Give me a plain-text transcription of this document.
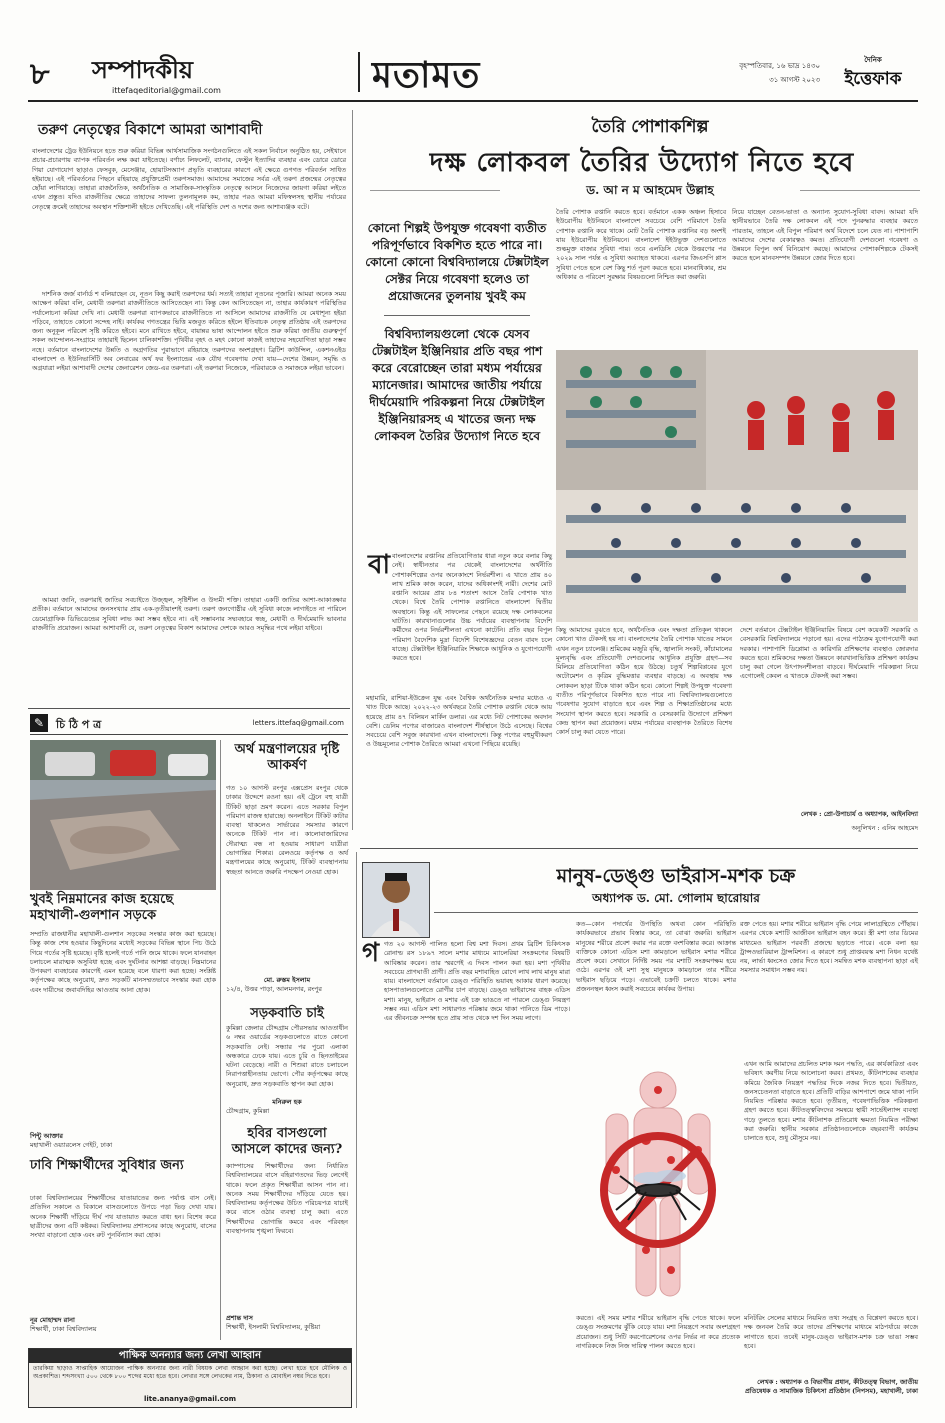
৮ সম্পাদকীয়
ittefaqeditorial@gmail.com	মতামত	বৃহস্পতিবার, ১৬ ভাদ্র ১৪৩০
৩১ আগস্ট ২০২৩
দৈনিক
ইত্তেফাক
তরুণ নেতৃত্বের বিকাশে আমরা আশাবাদী
বাংলাদেশের ট্রেড ইউনিয়নে হতে শুরু করিয়া বিভিন্ন আর্থসামাজিক সংগঠনগুলিতে এই সকল নির্বাচন অনুষ্ঠিত হয়, সেইখানে প্রচার-প্রচারণায় ব্যাপক পরিবর্তন লক্ষ করা যাইতেছে। বর্ণাঢ্য লিফলেট, ব্যানার, ফেস্টুন ইত্যাদির ব্যবহার এবং ডোরে ডোরে গিয়া যোগাযোগ ছাড়াও ফেসবুক, মেসেঞ্জার, হোয়াটসঅ্যাপ প্রভৃতি ব্যবহারের কারণে এই ক্ষেত্রে গুণগত পরিবর্তন সাধিত হইয়াছে। এই পরিবর্তনের পিছনে রহিয়াছে প্রযুক্তিপ্রেমী তরুণসমাজ। আমাদের সমাজের সর্বত্র এই তরুণ প্রজন্মের নেতৃত্বের ছোঁয়া লাগিয়াছে। তাহারা রাজনৈতিক, অর্থনৈতিক ও সামাজিক-সাংস্কৃতিক নেতৃত্বে আসনে নিজেদের জায়গা করিয়া লইতে এখন প্রস্তুত। যদিও রাজনীতির ক্ষেত্রে তাহাদের সাফল্য তুলনামূলক কম, তাহার পরও আমরা মফিস্বলসহ স্থানীয় পর্যায়ের নেতৃত্বে ক্রমেই তাহাদের অবস্থান শক্তিশালী হইতে দেখিতেছি। এই পরিস্থিতি দেশ ও দশের জন্য আশাব্যঞ্জক বটে।
দার্শনিক জর্জ বার্নার্ড শ বলিয়াছেন যে, নূতন কিছু করাই তরুণদের ধর্ম। সত্যই তাহারা নূতনের পূজারি। আমরা অনেক সময় আক্ষেপ করিয়া বলি, মেধাবী তরুণরা রাজনীতিতে আসিতেছেন না। কিন্তু কেন আসিতেছেন না, তাহার কার্যকারণ পরিস্থিতির পর্যালোচনা করিয়া দেখি না। মেধাবী তরুণরা ব্যাপকভাবে রাজনীতিতে না আসিলে আমাদের রাজনীতি যে মেধাশূন্য হইয়া পড়িবে, তাহাতে কোনো সন্দেহ নাই। কার্যকর গণতন্ত্রের ভিত্তি মজবুত করিতে হইলে ইতিবাচক নেতৃত্ব প্রতিষ্ঠায় এই তরুণদের জন্য অনুকূল পরিবেশ সৃষ্টি করিতে হইবে। মনে রাখিতে হইবে, বায়ান্নর ভাষা আন্দোলন হইতে শুরু করিয়া জাতীয় গুরুত্বপূর্ণ সকল আন্দোলন-সংগ্রামে তাহারাই ছিলেন চালিকাশক্তি। পৃথিবীর বৃহৎ ও মহৎ কোনো কাজই তাহাদের সহযোগিতা ছাড়া সম্ভব নহে। বর্তমানে বাংলাদেশের উন্নতি ও অগ্রগতির পুরাভাগে রহিয়াছে তরুণদের অংশগ্রহণ। ব্রিটিশ কাউন্সিল, একশনএইড বাংলাদেশ ও ইউনিভার্সিটি অব লেবারের অর্থ ফর ইংল্যান্ডের এক যৌথ গবেষণায় দেখা যায়—দেশের উন্নয়ন, সমৃদ্ধি ও অগ্রযাত্রা লইয়া আশাবাদী দেশের জেনারেশন জেড-এর তরুণরা। এই তরুণরা নিজেকে, পরিবারকে ও সমাজকে লইয়া ভাবেন।
আমরা জানি, তরুণরাই জাতির সবচাইতে উজ্জ্বল, সৃষ্টিশীল ও উদ্যমী শক্তি। তাহারা একটি জাতির আশা-আকাঙ্ক্ষার প্রতীক। বর্তমানে আমাদের জনসংখ্যার প্রায় এক-তৃতীয়াংশই তরুণ। তরুণ জনগোষ্ঠীর এই সুবিধা কাজে লাগাইতে না পারিলে ডেমোগ্রাফিক ডিভিডেন্ডের সুবিধা লাভ করা সম্ভব হইবে না। এই সম্ভাবনার সদ্ব্যবহারে স্বচ্ছ, মেধাবী ও দীর্ঘমেয়াদি ভাবনার রাজনীতি প্রয়োজন। আমরা আশাবাদী যে, তরুণ নেতৃত্বের বিকাশ আমাদের দেশকে আরও সমৃদ্ধির পথে লইয়া যাইবে।
তৈরি পোশাকশিল্প
দক্ষ লোকবল তৈরির উদ্যোগ নিতে হবে
ড. আ ন ম আহমেদ উল্লাহ
কোনো শিল্পই উপযুক্ত গবেষণা ব্যতীত পরিপূর্ণভাবে বিকশিত হতে পারে না। কোনো কোনো বিশ্ববিদ্যালয়ে টেক্সটাইল সেক্টর নিয়ে গবেষণা হলেও তা প্রয়োজনের তুলনায় খুবই কম
বিশ্ববিদ্যালয়গুলো থেকে যেসব টেক্সটাইল ইঞ্জিনিয়ার প্রতি বছর পাশ করে বেরোচ্ছেন তারা মধ্যম পর্যায়ের ম্যানেজার। আমাদের জাতীয় পর্যায়ে দীর্ঘমেয়াদি পরিকল্পনা নিয়ে টেক্সটাইল ইঞ্জিনিয়ারসহ এ খাতের জন্য দক্ষ লোকবল তৈরির উদ্যোগ নিতে হবে
তৈরি পোশাক রপ্তানি করতে হবে। বর্তমানে একক অঞ্চল হিসাবে ইউরোপীয় ইউনিয়নে বাংলাদেশ সবচেয়ে বেশি পরিমাণে তৈরি পোশাক রপ্তানি করে থাকে। মোট তৈরি পোশাক রপ্তানির বড় অংশই যায় ইউরোপীয় ইউনিয়নে। বাংলাদেশ ইইউভুক্ত দেশগুলোতে শুল্কমুক্ত বাজার সুবিধা পায়। তবে এলডিসি থেকে উত্তরণের পর ২০২৯ সাল পর্যন্ত এ সুবিধা অব্যাহত থাকবে। এরপর জিএসপি প্লাস সুবিধা পেতে হলে বেশ কিছু শর্ত পূরণ করতে হবে। মানবাধিকার, শ্রম অধিকার ও পরিবেশ সুরক্ষার বিষয়গুলো নিশ্চিত করা জরুরি।
নিয়ে যাচ্ছেন বেতন-ভাতা ও অন্যান্য সুযোগ-সুবিধা বাবদ। আমরা যদি স্থানীয়ভাবে তৈরি দক্ষ লোকবল এই পদে পুনরুদ্ধার ব্যবহার করতে পারতাম, তাহলে এই বিপুল পরিমাণ অর্থ বিদেশে চলে যেত না। পাশাপাশি আমাদের দেশের বেকারত্বও কমত। প্রতিযোগী দেশগুলো গবেষণা ও উন্নয়নে বিপুল অর্থ বিনিয়োগ করছে। আমাদের পোশাকশিল্পকে টেকসই করতে হলে মানবসম্পদ উন্নয়নে জোর দিতে হবে।
বা বাংলাদেশের রপ্তানির প্রতিযোগিতার ধারা নতুন করে বলার কিছু নেই। স্বাধীনতার পর থেকেই বাংলাদেশের অর্থনীতি পোশাকশিল্পের ওপর অনেকাংশে নির্ভরশীল। এ খাতে প্রায় ৪০ লাখ শ্রমিক কাজ করেন, যাদের অধিকাংশই নারী। দেশের মোট রপ্তানি আয়ের প্রায় ৮৪ শতাংশ আসে তৈরি পোশাক খাত থেকে। বিশ্বে তৈরি পোশাক রপ্তানিতে বাংলাদেশ দ্বিতীয় অবস্থানে। কিন্তু এই সাফল্যের পেছনে রয়েছে দক্ষ লোকবলের ঘাটতি। কারখানাগুলোর উচ্চ পর্যায়ের ব্যবস্থাপনায় বিদেশি কর্মীদের ওপর নির্ভরশীলতা এখনো কাটেনি। প্রতি বছর বিপুল পরিমাণ বৈদেশিক মুদ্রা বিদেশি বিশেষজ্ঞদের বেতন বাবদ চলে যাচ্ছে। টেক্সটাইল ইঞ্জিনিয়ারিং শিক্ষাকে আধুনিক ও যুগোপযোগী করতে হবে।
মহামারি, রাশিয়া-ইউক্রেন যুদ্ধ এবং বৈশ্বিক অর্থনৈতিক মন্দার মধ্যেও এ খাত টিকে আছে। ২০২২-২৩ অর্থবছরে তৈরি পোশাক রপ্তানি থেকে আয় হয়েছে প্রায় ৪৭ বিলিয়ন মার্কিন ডলার। এর মধ্যে নিট পোশাকের অবদান বেশি। ডেনিম পণ্যের বাজারেও বাংলাদেশ শীর্ষস্থানে উঠে এসেছে। বিশ্বের সবচেয়ে বেশি সবুজ কারখানা এখন বাংলাদেশে। কিন্তু পণ্যের বহুমুখীকরণ ও উচ্চমূল্যের পোশাক তৈরিতে আমরা এখনো পিছিয়ে রয়েছি।
কিছু আমাদের বুঝতে হবে, অর্থনৈতিক এবং দক্ষতা প্রতিকূল থাকলে কোনো খাত টেকসই হয় না। বাংলাদেশের তৈরি পোশাক খাতের সামনে এখন নতুন চ্যালেঞ্জ। শ্রমিকের মজুরি বৃদ্ধি, জ্বালানি সংকট, কাঁচামালের মূল্যবৃদ্ধি এবং প্রতিযোগী দেশগুলোর আধুনিক প্রযুক্তি গ্রহণ—সব মিলিয়ে প্রতিযোগিতা কঠিন হয়ে উঠছে। চতুর্থ শিল্পবিপ্লবের যুগে অটোমেশন ও কৃত্রিম বুদ্ধিমত্তার ব্যবহার বাড়ছে। এ অবস্থায় দক্ষ লোকবল ছাড়া টিকে থাকা কঠিন হবে। কোনো শিল্পই উপযুক্ত গবেষণা ব্যতীত পরিপূর্ণভাবে বিকশিত হতে পারে না। বিশ্ববিদ্যালয়গুলোতে গবেষণার সুযোগ বাড়াতে হবে এবং শিল্প ও শিক্ষাপ্রতিষ্ঠানের মধ্যে সংযোগ স্থাপন করতে হবে। সরকারি ও বেসরকারি উদ্যোগে প্রশিক্ষণ কেন্দ্র স্থাপন করা প্রয়োজন। মধ্যম পর্যায়ের ব্যবস্থাপক তৈরিতে বিশেষ কোর্স চালু করা যেতে পারে।
দেশে বর্তমানে টেক্সটাইল ইঞ্জিনিয়ারিং বিষয়ে বেশ কয়েকটি সরকারি ও বেসরকারি বিশ্ববিদ্যালয়ে পড়ানো হয়। এদের পাঠ্যক্রম যুগোপযোগী করা দরকার। পাশাপাশি ডিপ্লোমা ও কারিগরি প্রশিক্ষণের ব্যবস্থাও জোরদার করতে হবে। শ্রমিকদের দক্ষতা উন্নয়নে কারখানাভিত্তিক প্রশিক্ষণ কার্যক্রম চালু করা গেলে উৎপাদনশীলতা বাড়বে। দীর্ঘমেয়াদি পরিকল্পনা নিয়ে এগোলেই কেবল এ খাতকে টেকসই করা সম্ভব।
লেখক : প্রো-উপাচার্য ও অধ্যাপক, আইনবিদ্যা
অনুলিখন : এনিম আহমেদ
✎	চি ঠি প ত্র	letters.ittefaq@gmail.com
খুবই নিম্নমানের কাজ হয়েছে মহাখালী-গুলশান সড়কে
সম্প্রতি রাজধানীর মহাখালী-গুলশান সড়কের সংস্কার কাজ করা হয়েছে। কিন্তু কাজ শেষ হওয়ার কিছুদিনের মধ্যেই সড়কের বিভিন্ন স্থানে পিচ উঠে গিয়ে গর্তের সৃষ্টি হয়েছে। বৃষ্টি হলেই গর্তে পানি জমে থাকে। ফলে যানবাহন চলাচলে মারাত্মক অসুবিধা হচ্ছে এবং দুর্ঘটনার আশঙ্কা বাড়ছে। নিম্নমানের উপকরণ ব্যবহারের কারণেই এমন হয়েছে বলে ধারণা করা হচ্ছে। সংশ্লিষ্ট কর্তৃপক্ষের কাছে অনুরোধ, দ্রুত সড়কটি মানসম্মতভাবে সংস্কার করা হোক এবং দায়ীদের জবাবদিহির আওতায় আনা হোক।
পিন্টু আক্তার
মহাখালী ওয়্যারলেস গেইট, ঢাকা
ঢাবি শিক্ষার্থীদের সুবিধার জন্য
ঢাকা বিশ্ববিদ্যালয়ের শিক্ষার্থীদের যাতায়াতের জন্য পর্যাপ্ত বাস নেই। প্রতিদিন সকালে ও বিকালে বাসগুলোতে উপচে পড়া ভিড় দেখা যায়। অনেক শিক্ষার্থী দাঁড়িয়ে দীর্ঘ পথ যাতায়াত করতে বাধ্য হন। বিশেষ করে ছাত্রীদের জন্য এটি কষ্টকর। বিশ্ববিদ্যালয় প্রশাসনের কাছে অনুরোধ, বাসের সংখ্যা বাড়ানো হোক এবং রুট পুনর্বিন্যাস করা হোক।
নূর মোহাম্মদ রানা
শিক্ষার্থী, ঢাকা বিশ্ববিদ্যালয়
অর্থ মন্ত্রণালয়ের দৃষ্টি আকর্ষণ
গত ১০ আগস্ট রংপুর এক্সপ্রেস রংপুর থেকে ঢাকার উদ্দেশে রওনা হয়। এই ট্রেনে বহু যাত্রী টিকিট ছাড়া ভ্রমণ করেন। এতে সরকার বিপুল পরিমাণ রাজস্ব হারাচ্ছে। অনলাইনে টিকিট কাটার ব্যবস্থা থাকলেও সার্ভারের সমস্যার কারণে অনেকে টিকিট পান না। কালোবাজারিদের দৌরাত্ম্য বন্ধ না হওয়ায় সাধারণ যাত্রীরা ভোগান্তির শিকার। রেলওয়ে কর্তৃপক্ষ ও অর্থ মন্ত্রণালয়ের কাছে অনুরোধ, টিকিট ব্যবস্থাপনায় স্বচ্ছতা আনতে জরুরি পদক্ষেপ নেওয়া হোক।
মো. রুস্তম ইসলাম
১২/৪, উত্তর পাড়া, আলমনগর, রংপুর
সড়কবাতি চাই
কুমিল্লা জেলার চৌদ্দগ্রাম পৌরসভার আওতাধীন ৬ নম্বর ওয়ার্ডের সড়কগুলোতে রাতে কোনো সড়কবাতি নেই। সন্ধ্যার পর পুরো এলাকা অন্ধকারে ঢেকে যায়। এতে চুরি ও ছিনতাইয়ের ঘটনা বেড়েছে। নারী ও শিশুরা রাতে চলাচলে নিরাপত্তাহীনতায় ভোগে। পৌর কর্তৃপক্ষের কাছে অনুরোধ, দ্রুত সড়কবাতি স্থাপন করা হোক।
মনিরুল হক
চৌদ্দগ্রাম, কুমিল্লা
হবির বাসগুলো আসলে কাদের জন্য?
ক্যাম্পাসের শিক্ষার্থীদের জন্য নির্ধারিত বিশ্ববিদ্যালয়ের বাসে বহিরাগতদের ভিড় লেগেই থাকে। ফলে প্রকৃত শিক্ষার্থীরা আসন পান না। অনেক সময় শিক্ষার্থীদের দাঁড়িয়ে যেতে হয়। বিশ্ববিদ্যালয় কর্তৃপক্ষের উচিত পরিচয়পত্র যাচাই করে বাসে ওঠার ব্যবস্থা চালু করা। এতে শিক্ষার্থীদের ভোগান্তি কমবে এবং পরিবহন ব্যবস্থাপনায় শৃঙ্খলা ফিরবে।
প্রশান্ত দাস
শিক্ষার্থী, ইসলামী বিশ্ববিদ্যালয়, কুষ্টিয়া
পাক্ষিক অনন্যার জন্য লেখা আহ্বান
তারকিয়া ছাড়াও সাপ্তাহিক আয়োজন পাক্ষিক অনন্যার জন্য নারী বিষয়ক লেখা আহ্বান করা হচ্ছে। লেখা হতে হবে মৌলিক ও অপ্রকাশিত। শব্দসংখ্যা ৫০০ থেকে ৮০০ শব্দের মধ্যে হতে হবে। লেখার সঙ্গে লেখকের নাম, ঠিকানা ও মোবাইল নম্বর দিতে হবে।
lite.ananya@gmail.com
মানুষ-ডেঙ্গু ভাইরাস-মশক চক্র
অধ্যাপক ড. মো. গোলাম ছারোয়ার
গ গত ২০ আগস্ট পালিত হলো বিশ্ব মশা দিবস। প্রথম ব্রিটিশ চিকিৎসক রোনাল্ড রস ১৮৯৭ সালে মশার মাধ্যমে ম্যালেরিয়া সংক্রমণের বিষয়টি আবিষ্কার করেন। তার স্মরণেই এ দিবস পালন করা হয়। মশা পৃথিবীর সবচেয়ে প্রাণঘাতী প্রাণী। প্রতি বছর মশাবাহিত রোগে লাখ লাখ মানুষ মারা যায়। বাংলাদেশে বর্তমানে ডেঙ্গু পরিস্থিতি ভয়াবহ আকার ধারণ করেছে। হাসপাতালগুলোতে রোগীর চাপ বাড়ছে। ডেঙ্গু ভাইরাসের বাহক এডিস মশা। মানুষ, ভাইরাস ও মশার এই চক্র ভাঙতে না পারলে ডেঙ্গু নিয়ন্ত্রণ সম্ভব নয়। এডিস মশা সাধারণত পরিষ্কার জমে থাকা পানিতে ডিম পাড়ে। এর জীবনচক্র সম্পন্ন হতে প্রায় সাত থেকে দশ দিন সময় লাগে।
কত—কোন পদার্থের উপস্থিতি অথবা কোন পরিস্থিতি কার্যকরভাবে প্রভাব বিস্তার করে, তা বোঝা জরুরি। ভাইরাস মানুষের শরীরে প্রবেশ করার পর রক্তে বংশবিস্তার করে। আক্রান্ত ব্যক্তিকে কোনো এডিস মশা কামড়ালে ভাইরাস মশার শরীরে প্রবেশ করে। সেখানে নির্দিষ্ট সময় পর মশাটি সংক্রমণক্ষম হয়ে ওঠে। এরপর ওই মশা সুস্থ মানুষকে কামড়ালে তার শরীরে ভাইরাস ছড়িয়ে পড়ে। এভাবেই চক্রটি চলতে থাকে। মশার প্রজননস্থল ধ্বংস করাই সবচেয়ে কার্যকর উপায়।
রক্ত পেতে হয়। মশার শরীরে ভাইরাস বৃদ্ধি পেয়ে লালাগ্রন্থিতে পৌঁছায়। এরপর থেকে মশাটি আজীবন ভাইরাস বহন করে। স্ত্রী মশা তার ডিমের মাধ্যমেও ভাইরাস পরবর্তী প্রজন্মে ছড়াতে পারে। একে বলা হয় ট্রান্সওভারিয়াল ট্রান্সমিশন। এ কারণে শুধু প্রাপ্তবয়স্ক মশা নিধন যথেষ্ট নয়, লার্ভা ধ্বংসেও জোর দিতে হবে। সমন্বিত মশক ব্যবস্থাপনা ছাড়া এই সমস্যার সমাধান সম্ভব নয়।
এখন আমি আমাদের প্রচলিত মশক দমন পদ্ধতি, এর কার্যকারিতা এবং ভবিষ্যৎ করণীয় নিয়ে আলোচনা করব। প্রথমত, কীটনাশকের ব্যবহার কমিয়ে জৈবিক নিয়ন্ত্রণ পদ্ধতির দিকে নজর দিতে হবে। দ্বিতীয়ত, জনসচেতনতা বাড়াতে হবে। প্রতিটি বাড়ির আশপাশে জমে থাকা পানি নিয়মিত পরিষ্কার করতে হবে। তৃতীয়ত, গবেষণাভিত্তিক পরিকল্পনা গ্রহণ করতে হবে। কীটতত্ত্ববিদদের সমন্বয়ে স্থায়ী সার্ভেইল্যান্স ব্যবস্থা গড়ে তুলতে হবে। মশার কীটনাশক প্রতিরোধ ক্ষমতা নিয়মিত পরীক্ষা করা জরুরি। স্থানীয় সরকার প্রতিষ্ঠানগুলোকে বছরব্যাপী কার্যক্রম চালাতে হবে, শুধু মৌসুমে নয়।
করতে। এই সময় মশার শরীরে ভাইরাস বৃদ্ধি পেতে থাকে। ফলে ডেঙ্গু সংক্রমণের ঝুঁকি বেড়ে যায়। মশা নিয়ন্ত্রণে সবার অংশগ্রহণ প্রয়োজন। শুধু সিটি করপোরেশনের ওপর নির্ভর না করে প্রত্যেক নাগরিককে নিজ নিজ দায়িত্ব পালন করতে হবে।
মনিটরিং সেলের মাধ্যমে নিয়মিত তথ্য সংগ্রহ ও বিশ্লেষণ করতে হবে। দক্ষ জনবল তৈরি করে তাদের প্রশিক্ষণের মাধ্যমে মাঠপর্যায়ে কাজে লাগাতে হবে। তবেই মানুষ-ডেঙ্গু ভাইরাস-মশক চক্র ভাঙা সম্ভব হবে।
লেখক : অধ্যাপক ও বিভাগীয় প্রধান, কীটতত্ত্ব বিভাগ, জাতীয় প্রতিষেধক ও সামাজিক চিকিৎসা প্রতিষ্ঠান (নিপসম), মহাখালী, ঢাকা
